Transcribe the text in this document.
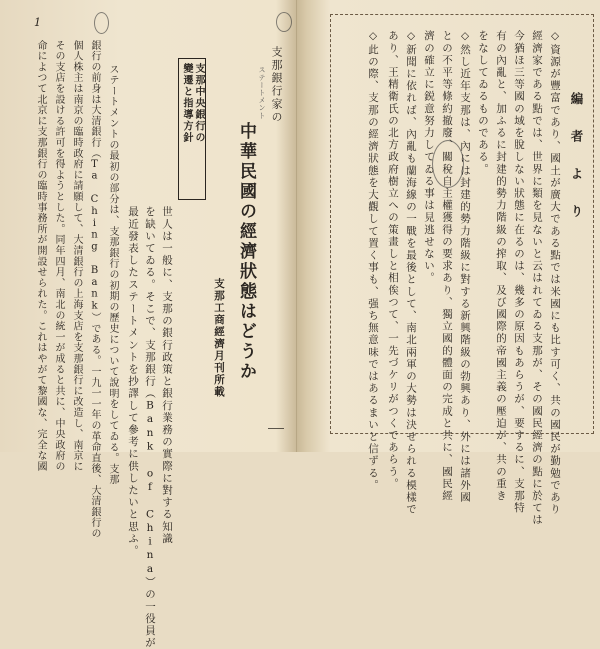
1
世人は一般に、支那の銀行政策と銀行業務の實際に對する知識
を缺いてゐる。そこで、支那銀行（Bank of China）の一役員が
最近發表したステートメントを抄譯して參考に供したいと思ふ。
ステートメントの最初の部分は、支那銀行の初期の歷史について說明をしてゐる。支那
銀行の前身は大清銀行（Ta Ching Bank）である。一九一一年の革命直後、大清銀行の
個人株主は南京の臨時政府に請願して、大清銀行の上海支店を支那銀行に改造し、南京に
その支店を設ける許可を得ようとした。同年四月、南北の統一が成ると共に、中央政府の
命によつて北京に支那銀行の臨時事務所が開設せられた。これはやがて黎國な、完全な國	支那中央銀行の
變遷と指導方針	支那銀行家の
ステートメント
中華民國の經濟狀態はどうか
支那工商經濟月刊所載
編 者 よ り
◇資源が豐富であり、國土が廣大である點では米國にも比す可く、共の國民が勤勉であり
經濟家である點では、世界に類を見ないと云はれてゐる支那が、その國民經濟の點に於ては
今猶ほ三等國の域を脫しない狀態に在るのは、幾多の原因もあらうが、要するに、支那特
有の內亂と、加ふるに封建的勢力階級の搾取、及び國際的帝國主義の壓迫が、共の重き
をなしてゐるものである。
◇然し近年支那は、內には封建的勢力階級に對する新興階級の勃興あり、外には諸外國
との不平等條約撤廢、關稅自主權獲得の要求あり、獨立國的體面の完成と共に、國民經
濟の確立に鋭意努力してゐる事は見逃せない。
◇新聞に依れば、內亂も蘭海線の一戰を最後として、南北兩軍の大勢は決せられる模樣で
あり、王精衛氏の北方政府樹立への策畫しと相俟つて、一先づケリがつくであらう。
◇此の際、支那の經濟狀態を大觀して置く事も、强ち無意味ではあるまいと信ずる。
